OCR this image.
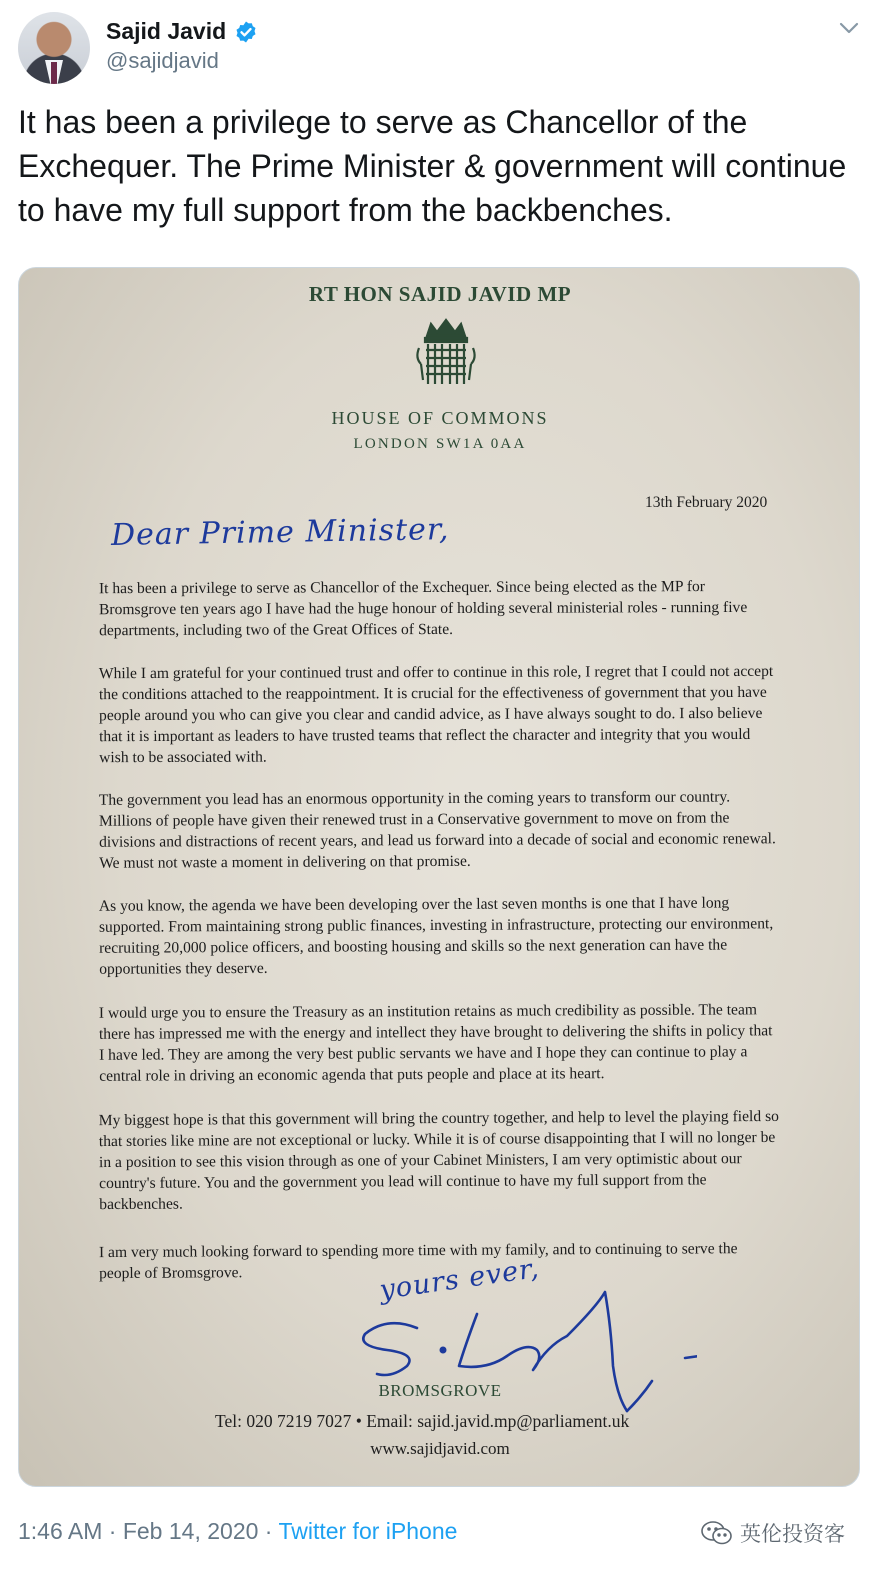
Sajid Javid
@sajidjavid
It has been a privilege to serve as Chancellor of the Exchequer. The Prime Minister & government will continue to have my full support from the backbenches.
RT HON SAJID JAVID MP
HOUSE OF COMMONS
LONDON SW1A 0AA
13th February 2020
Dear Prime Minister,
It has been a privilege to serve as Chancellor of the Exchequer. Since being elected as the MP for Bromsgrove ten years ago I have had the huge honour of holding several ministerial roles - running five departments, including two of the Great Offices of State.
While I am grateful for your continued trust and offer to continue in this role, I regret that I could not accept the conditions attached to the reappointment. It is crucial for the effectiveness of government that you have people around you who can give you clear and candid advice, as I have always sought to do. I also believe that it is important as leaders to have trusted teams that reflect the character and integrity that you would wish to be associated with.
The government you lead has an enormous opportunity in the coming years to transform our country. Millions of people have given their renewed trust in a Conservative government to move on from the divisions and distractions of recent years, and lead us forward into a decade of social and economic renewal. We must not waste a moment in delivering on that promise.
As you know, the agenda we have been developing over the last seven months is one that I have long supported. From maintaining strong public finances, investing in infrastructure, protecting our environment, recruiting 20,000 police officers, and boosting housing and skills so the next generation can have the opportunities they deserve.
I would urge you to ensure the Treasury as an institution retains as much credibility as possible. The team there has impressed me with the energy and intellect they have brought to delivering the shifts in policy that I have led. They are among the very best public servants we have and I hope they can continue to play a central role in driving an economic agenda that puts people and place at its heart.
My biggest hope is that this government will bring the country together, and help to level the playing field so that stories like mine are not exceptional or lucky. While it is of course disappointing that I will no longer be in a position to see this vision through as one of your Cabinet Ministers, I am very optimistic about our country's future. You and the government you lead will continue to have my full support from the backbenches.
I am very much looking forward to spending more time with my family, and to continuing to serve the people of Bromsgrove.	yours ever,
BROMSGROVE
Tel: 020 7219 7027 • Email: sajid.javid.mp@parliament.uk
www.sajidjavid.com
1:46 AM · Feb 14, 2020 · Twitter for iPhone	英伦投资客
